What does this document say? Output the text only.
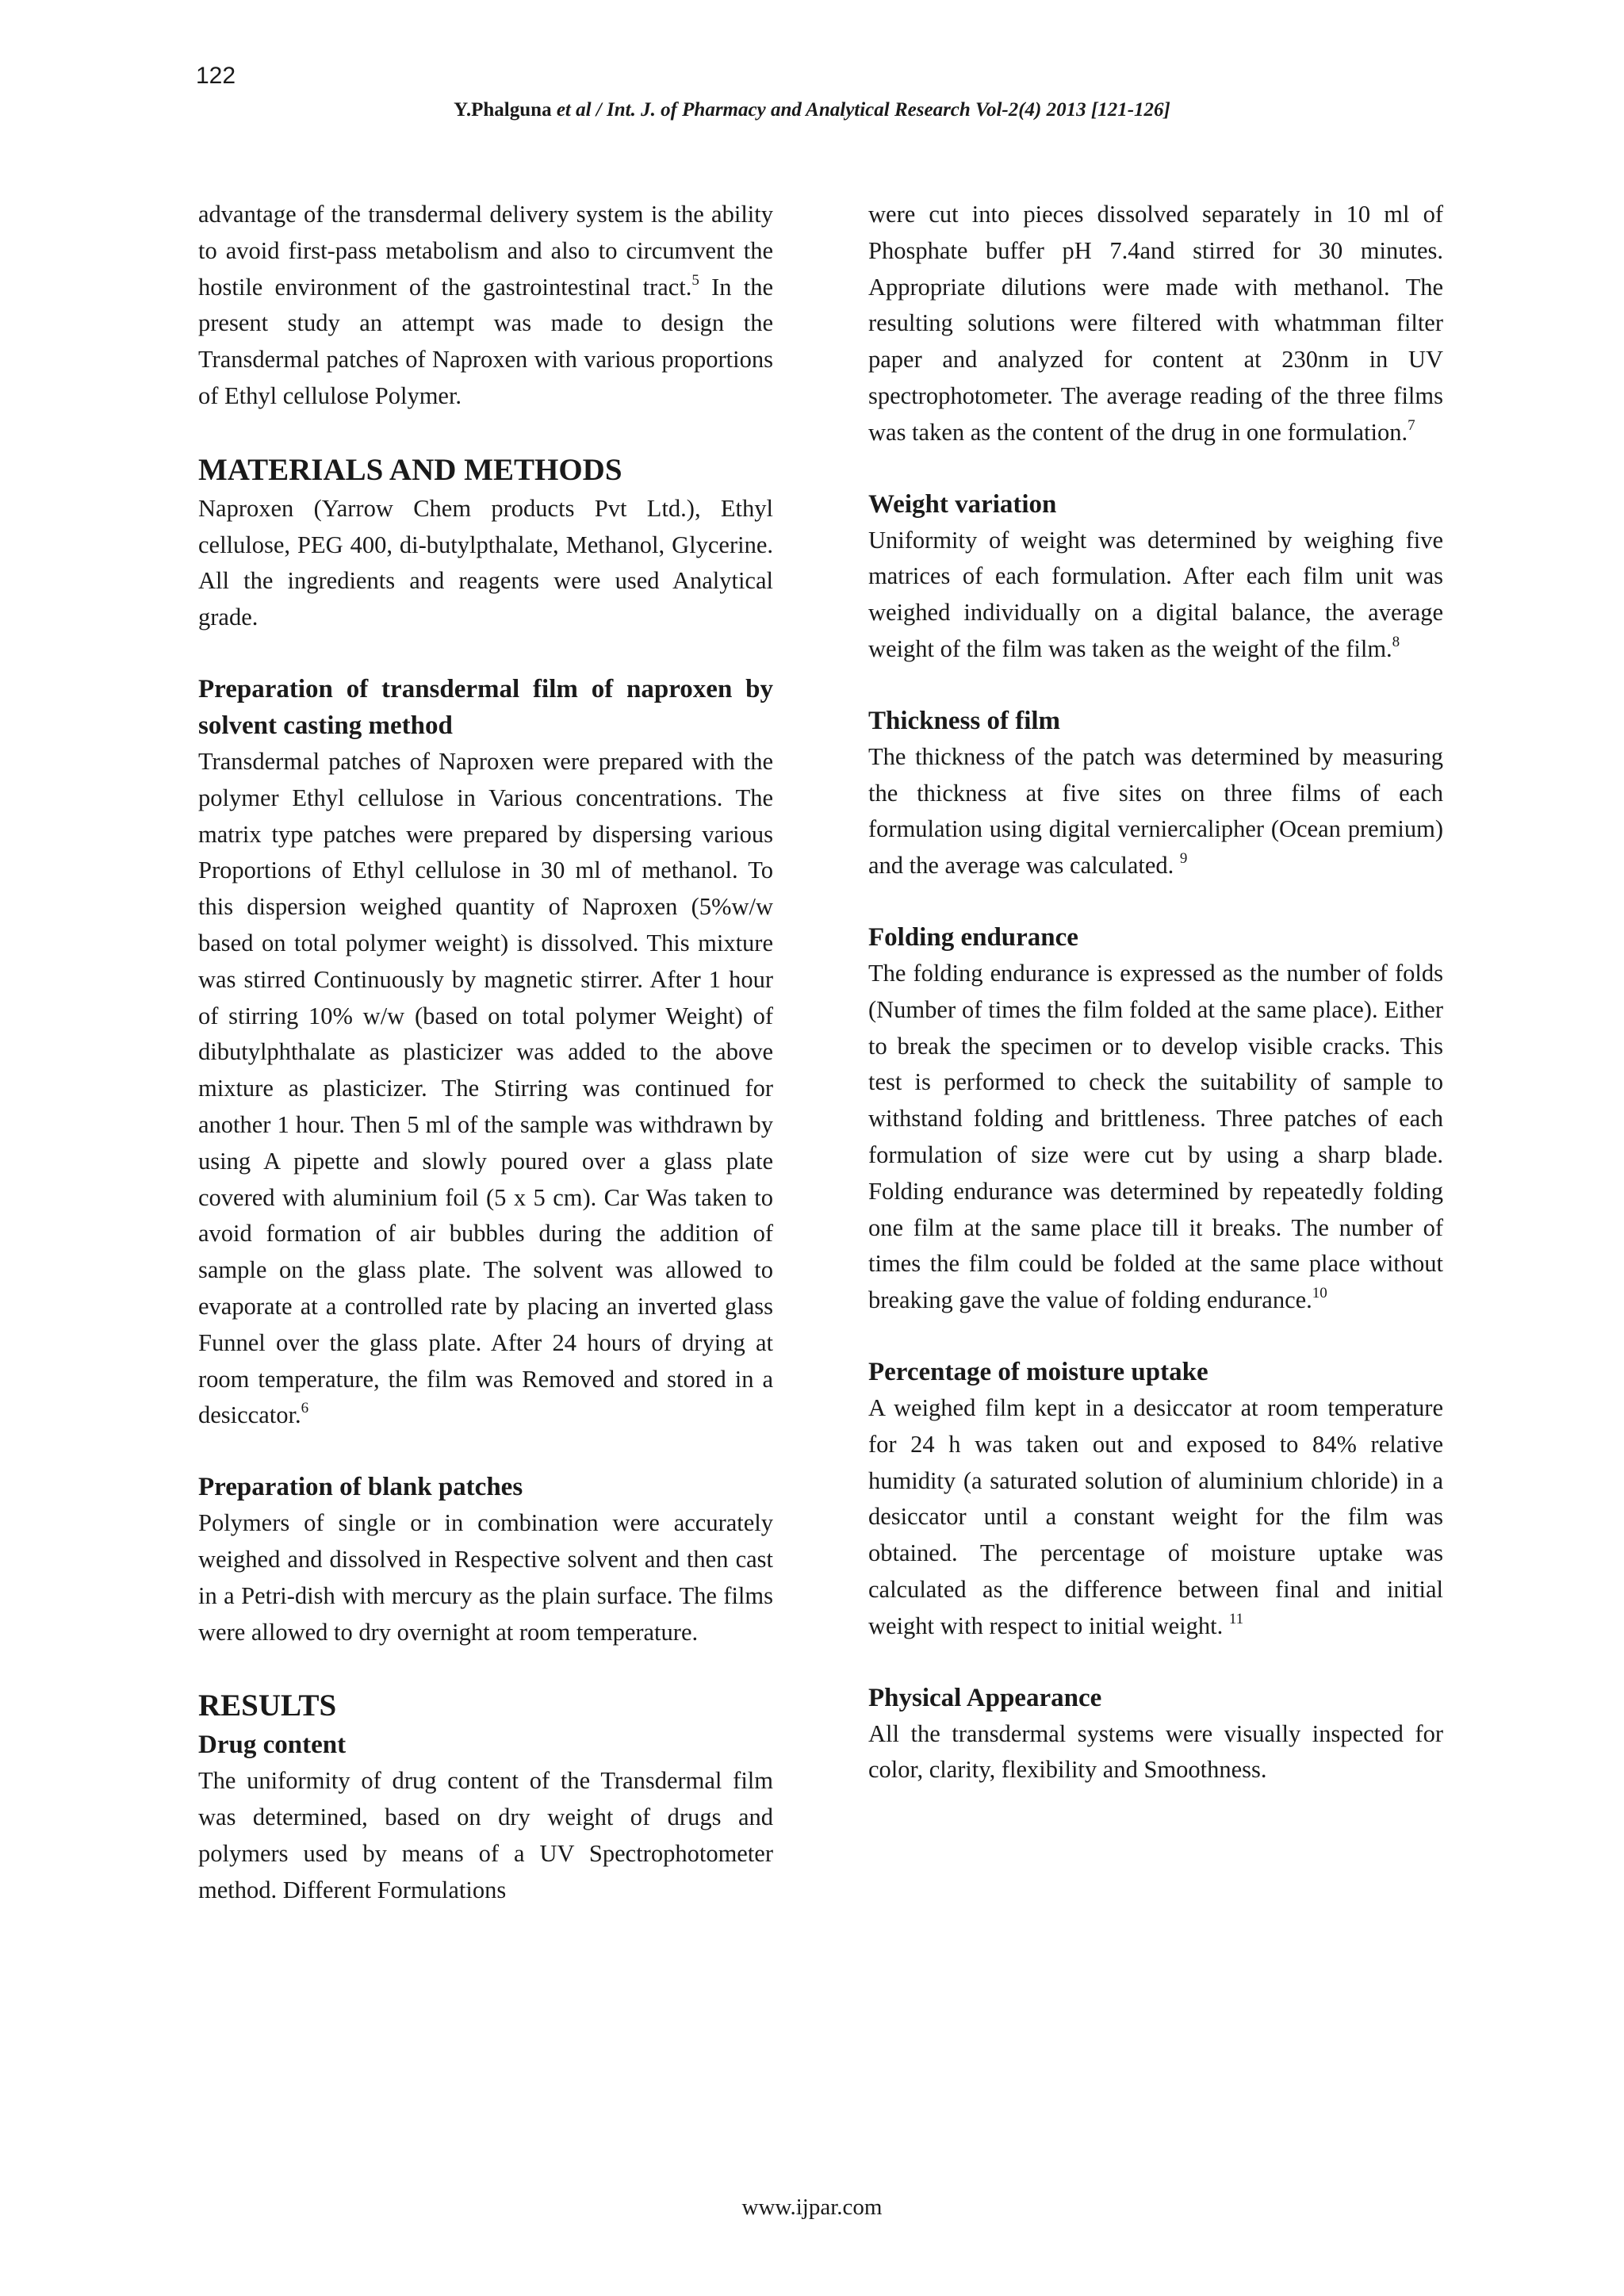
122
Y.Phalguna et al / Int. J. of Pharmacy and Analytical Research Vol-2(4) 2013 [121-126]

advantage of the transdermal delivery system is the ability to avoid first-pass metabolism and also to circumvent the hostile environment of the gastrointestinal tract.$^5$ In the present study an attempt was made to design the Transdermal patches of Naproxen with various proportions of Ethyl cellulose Polymer.

MATERIALS AND METHODS

Naproxen (Yarrow Chem products Pvt Ltd.), Ethyl cellulose, PEG 400, di-butylpthalate, Methanol, Glycerine. All the ingredients and reagents were used Analytical grade.

Preparation of transdermal film of naproxen by solvent casting method

Transdermal patches of Naproxen were prepared with the polymer Ethyl cellulose in Various concentrations. The matrix type patches were prepared by dispersing various Proportions of Ethyl cellulose in 30 ml of methanol. To this dispersion weighed quantity of Naproxen (5%w/w based on total polymer weight) is dissolved. This mixture was stirred Continuously by magnetic stirrer. After 1 hour of stirring 10% w/w (based on total polymer Weight) of dibutylphthalate as plasticizer was added to the above mixture as plasticizer. The Stirring was continued for another 1 hour. Then 5 ml of the sample was withdrawn by using A pipette and slowly poured over a glass plate covered with aluminium foil (5 x 5 cm). Car Was taken to avoid formation of air bubbles during the addition of sample on the glass plate. The solvent was allowed to evaporate at a controlled rate by placing an inverted glass Funnel over the glass plate. After 24 hours of drying at room temperature, the film was Removed and stored in a desiccator.$^6$

Preparation of blank patches

Polymers of single or in combination were accurately weighed and dissolved in Respective solvent and then cast in a Petri-dish with mercury as the plain surface. The films were allowed to dry overnight at room temperature.

RESULTS
Drug content

The uniformity of drug content of the Transdermal film was determined, based on dry weight of drugs and polymers used by means of a UV Spectrophotometer method. Different Formulations

were cut into pieces dissolved separately in 10 ml of Phosphate buffer pH 7.4and stirred for 30 minutes. Appropriate dilutions were made with methanol. The resulting solutions were filtered with whatmman filter paper and analyzed for content at 230nm in UV spectrophotometer. The average reading of the three films was taken as the content of the drug in one formulation.$^7$

Weight variation

Uniformity of weight was determined by weighing five matrices of each formulation. After each film unit was weighed individually on a digital balance, the average weight of the film was taken as the weight of the film.$^8$

Thickness of film

The thickness of the patch was determined by measuring the thickness at five sites on three films of each formulation using digital verniercalipher (Ocean premium) and the average was calculated. $^9$

Folding endurance

The folding endurance is expressed as the number of folds (Number of times the film folded at the same place). Either to break the specimen or to develop visible cracks. This test is performed to check the suitability of sample to withstand folding and brittleness. Three patches of each formulation of size were cut by using a sharp blade. Folding endurance was determined by repeatedly folding one film at the same place till it breaks. The number of times the film could be folded at the same place without breaking gave the value of folding endurance.$^{10}$

Percentage of moisture uptake

A weighed film kept in a desiccator at room temperature for 24 h was taken out and exposed to 84% relative humidity (a saturated solution of aluminium chloride) in a desiccator until a constant weight for the film was obtained. The percentage of moisture uptake was calculated as the difference between final and initial weight with respect to initial weight. $^{11}$

Physical Appearance

All the transdermal systems were visually inspected for color, clarity, flexibility and Smoothness.

www.ijpar.com
